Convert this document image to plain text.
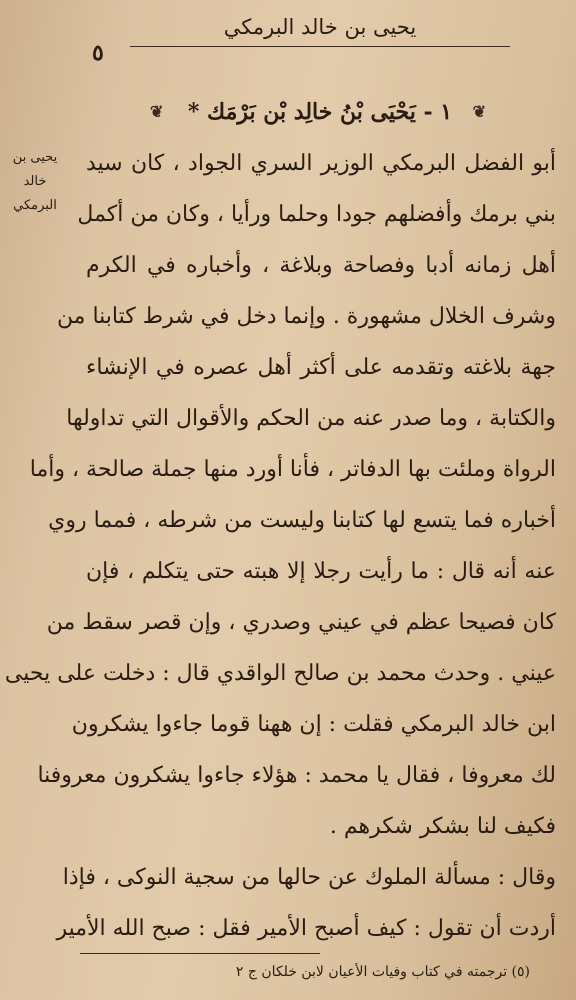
يحيى بن خالد البرمكي
٥
❦
١ - يَحْيَى بْنُ خالِد بْن بَرْمَك *
❦
يحيى بن خالد
البرمكي
أبو الفضل البرمكي الوزير السري الجواد ، كان سيد
بني برمك وأفضلهم جودا وحلما ورأيا ، وكان من أكمل
أهل زمانه أدبا وفصاحة وبلاغة ، وأخباره في الكرم
وشرف الخلال مشهورة . وإنما دخل في شرط كتابنا من
جهة بلاغته وتقدمه على أكثر أهل عصره في الإنشاء
والكتابة ، وما صدر عنه من الحكم والأقوال التي تداولها
الرواة وملئت بها الدفاتر ، فأنا أورد منها جملة صالحة ، وأما
أخباره فما يتسع لها كتابنا وليست من شرطه ، فمما روي
عنه أنه قال : ما رأيت رجلا إلا هبته حتى يتكلم ، فإن
كان فصيحا عظم في عيني وصدري ، وإن قصر سقط من
عيني . وحدث محمد بن صالح الواقدي قال : دخلت على يحيى
ابن خالد البرمكي فقلت : إن ههنا قوما جاءوا يشكرون
لك معروفا ، فقال يا محمد : هؤلاء جاءوا يشكرون معروفنا
فكيف لنا بشكر شكرهم .
وقال : مسألة الملوك عن حالها من سجية النوكى ، فإذا
أردت أن تقول : كيف أصبح الأمير فقل : صبح الله الأمير
(٥) ترجمته في كتاب وفيات الأعيان لابن خلكان ج ٢
